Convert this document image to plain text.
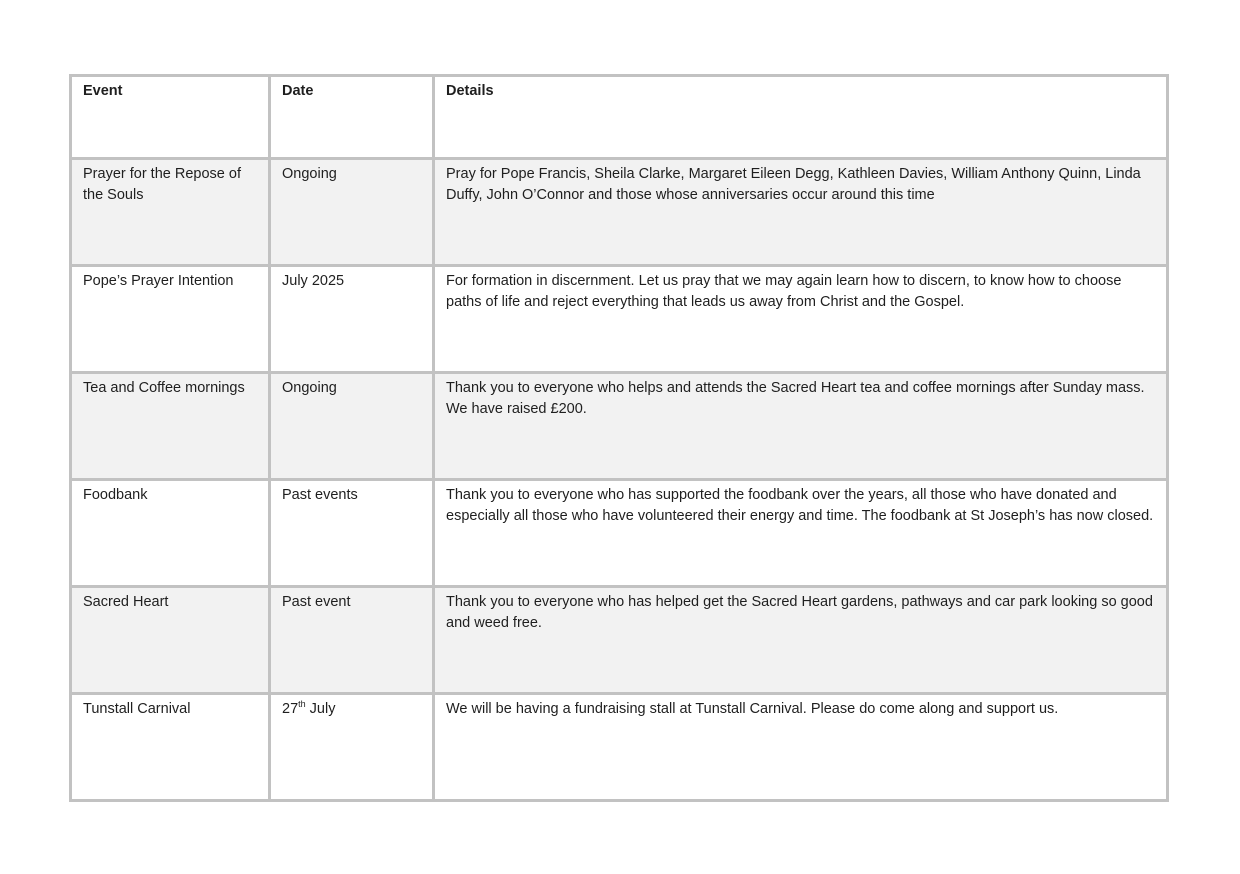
Event	Date	Details
Prayer for the Repose of the Souls	Ongoing	Pray for Pope Francis, Sheila Clarke, Margaret Eileen Degg, Kathleen Davies, William Anthony Quinn, Linda Duffy, John O’Connor and those whose anniversaries occur around this time
Pope’s Prayer Intention	July 2025	For formation in discernment. Let us pray that we may again learn how to discern, to know how to choose paths of life and reject everything that leads us away from Christ and the Gospel.
Tea and Coffee mornings	Ongoing	Thank you to everyone who helps and attends the Sacred Heart tea and coffee mornings after Sunday mass. We have raised £200.
Foodbank	Past events	Thank you to everyone who has supported the foodbank over the years, all those who have donated and especially all those who have volunteered their energy and time. The foodbank at St Joseph’s has now closed.
Sacred Heart	Past event	Thank you to everyone who has helped get the Sacred Heart gardens, pathways and car park looking so good and weed free.
Tunstall Carnival	27th July	We will be having a fundraising stall at Tunstall Carnival. Please do come along and support us.
